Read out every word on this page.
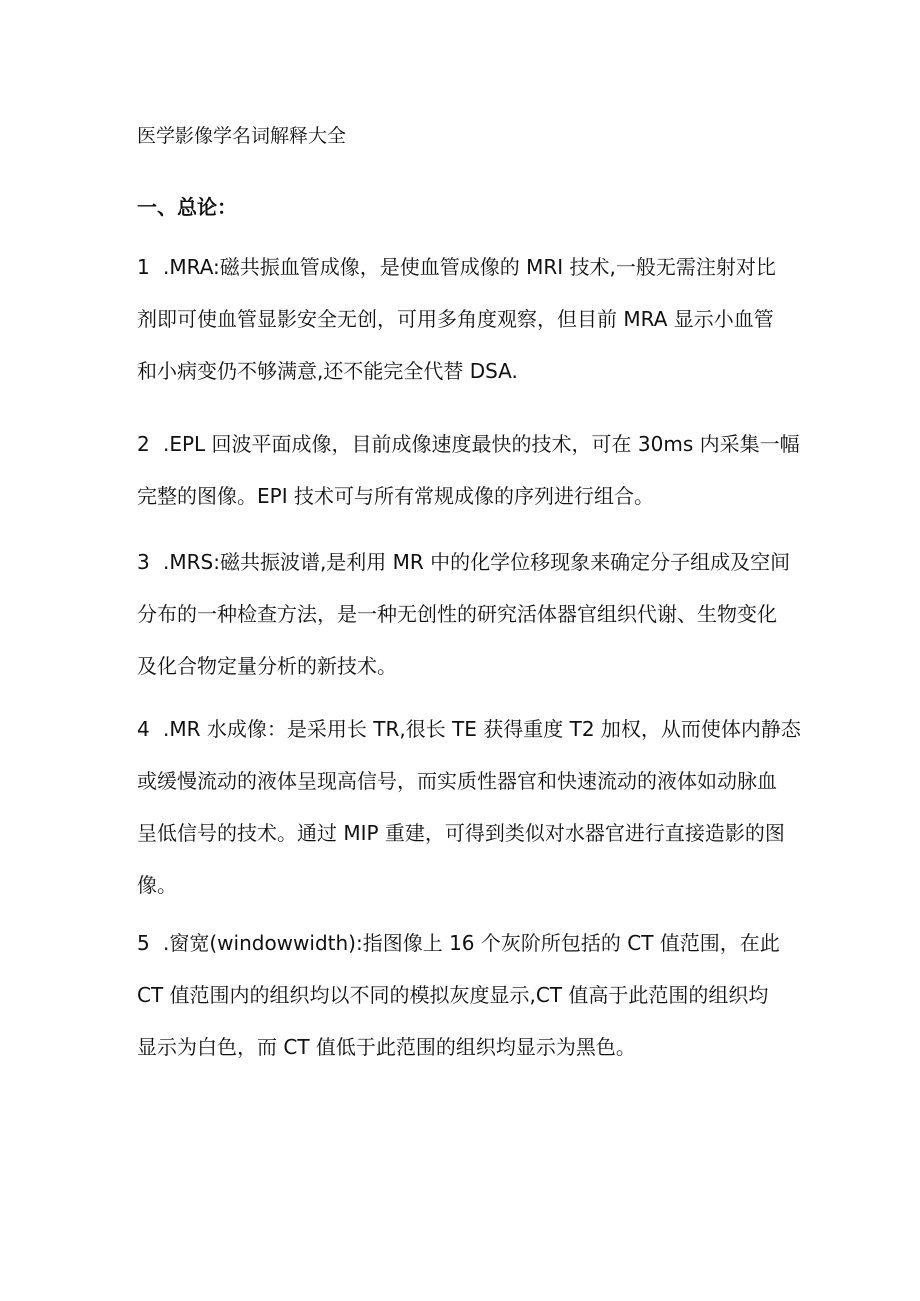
医学影像学名词解释大全
一、总论：
1 .MRA:磁共振血管成像，是使血管成像的 MRI 技术,一般无需注射对比
剂即可使血管显影安全无创，可用多角度观察，但目前 MRA 显示小血管
和小病变仍不够满意,还不能完全代替 DSA.
2 .EPL 回波平面成像，目前成像速度最快的技术，可在 30ms 内采集一幅
完整的图像。EPI 技术可与所有常规成像的序列进行组合。
3 .MRS:磁共振波谱,是利用 MR 中的化学位移现象来确定分子组成及空间
分布的一种检查方法，是一种无创性的研究活体器官组织代谢、生物变化
及化合物定量分析的新技术。
4 .MR 水成像：是采用长 TR,很长 TE 获得重度 T2 加权，从而使体内静态
或缓慢流动的液体呈现高信号，而实质性器官和快速流动的液体如动脉血
呈低信号的技术。通过 MIP 重建，可得到类似对水器官进行直接造影的图
像。
5 .窗宽(windowwidth):指图像上 16 个灰阶所包括的 CT 值范围，在此
CT 值范围内的组织均以不同的模拟灰度显示,CT 值高于此范围的组织均
显示为白色，而 CT 值低于此范围的组织均显示为黑色。
